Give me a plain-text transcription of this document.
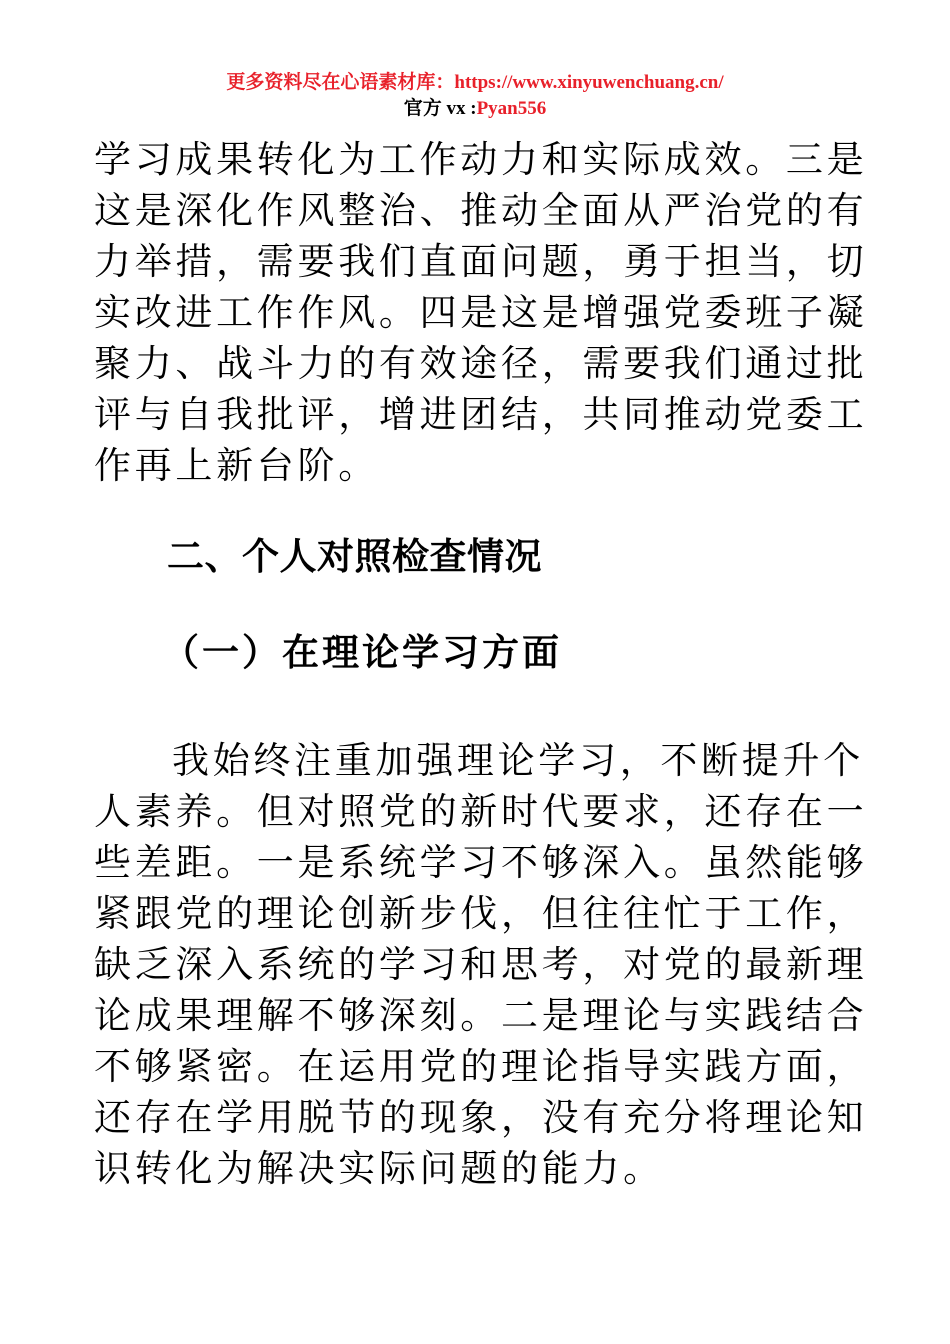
更多资料尽在心语素材库：https://www.xinyuwenchuang.cn/
官方 vx :Pyan556

学习成果转化为工作动力和实际成效。三是这是深化作风整治、推动全面从严治党的有力举措，需要我们直面问题，勇于担当，切实改进工作作风。四是这是增强党委班子凝聚力、战斗力的有效途径，需要我们通过批评与自我批评，增进团结，共同推动党委工作再上新台阶。

二、个人对照检查情况
（一）在理论学习方面

我始终注重加强理论学习，不断提升个人素养。但对照党的新时代要求，还存在一些差距。一是系统学习不够深入。虽然能够紧跟党的理论创新步伐，但往往忙于工作，缺乏深入系统的学习和思考，对党的最新理论成果理解不够深刻。二是理论与实践结合不够紧密。在运用党的理论指导实践方面，还存在学用脱节的现象，没有充分将理论知识转化为解决实际问题的能力。
